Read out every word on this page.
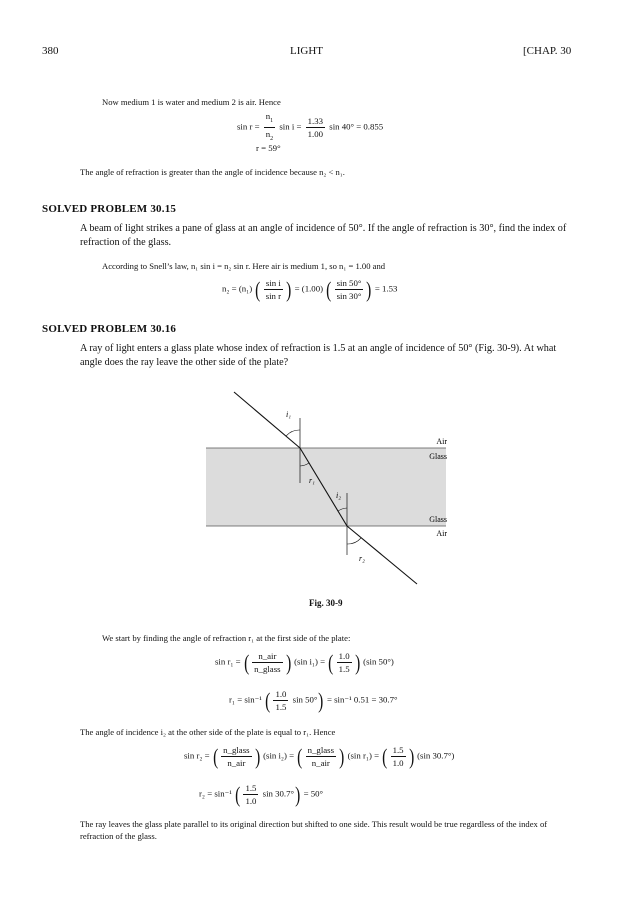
380	LIGHT	[CHAP. 30
Now medium 1 is water and medium 2 is air. Hence
$\sin r = \frac{n_1}{n_2}$ $\sin i = \frac{1.33}{1.00}$ sin 40° = 0.855
r = 59°
The angle of refraction is greater than the angle of incidence because n₂ < n₁.
SOLVED PROBLEM 30.15
A beam of light strikes a pane of glass at an angle of incidence of 50°. If the angle of refraction is 30°, find the index of refraction of the glass.
According to Snell’s law, n₁ sin i = n₂ sin r. Here air is medium 1, so n₁ = 1.00 and
n₂ = (n₁) ( $\frac{\text{sin i}}{\text{sin r}}$ ) = (1.00) ( $\frac{\sin 50^\circ}{\sin 30^\circ}$ ) = 1.53
SOLVED PROBLEM 30.16
A ray of light enters a glass plate whose index of refraction is 1.5 at an angle of incidence of 50° (Fig. 30-9). At what angle does the ray leave the other side of the plate?
i₁
r₁
i₂
r₂
Air
Glass
Glass
Air
Fig. 30-9
We start by finding the angle of refraction r₁ at the first side of the plate:
sin r₁ = ( $\frac{\text{n\_air}}{\text{n\_glass}}$ ) (sin i₁) = ( $\frac{1.0}{1.5}$ ) (sin 50°)
r₁ = sin⁻¹ ( $\frac{1.0}{1.5}$ sin 50°) = sin⁻¹ 0.51 = 30.7°
The angle of incidence i₂ at the other side of the plate is equal to r₁. Hence
sin r₂ = ( $\frac{\text{n\_glass}}{\text{n\_air}}$ ) (sin i₂) = ( $\frac{\text{n\_glass}}{\text{n\_air}}$ ) (sin r₁) = ( $\frac{1.5}{1.0}$ ) (sin 30.7°)
r₂ = sin⁻¹ ( $\frac{1.5}{1.0}$ sin 30.7°) = 50°
The ray leaves the glass plate parallel to its original direction but shifted to one side. This result would be true regardless of the index of refraction of the glass.
